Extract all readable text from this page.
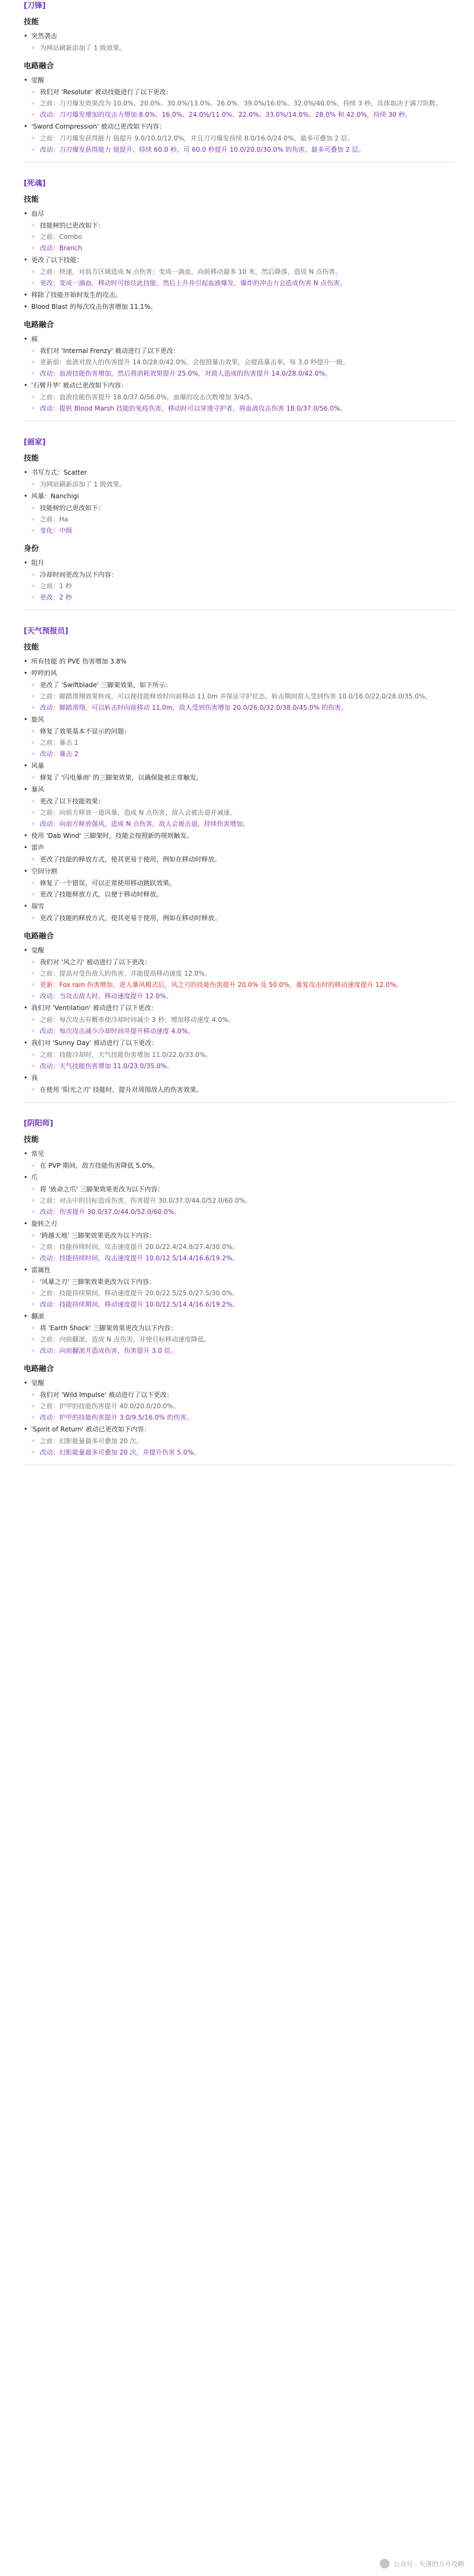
[刀锋]
技能
• 突然袭击
◦ 为网站刷新添加了 1 级效果。
电路融合
• 觉醒
◦ 我们对 'Resolute' 被动技能进行了以下更改：
◦ 之前：刀刃爆发效果改为 10.0%、20.0%、30.0%/13.0%、26.0%、39.0%/16.0%、32.0%/40.0%，持续 3 秒，具体取决于满刀阶数。
◦ 改动：刀刃爆发增加的攻击力增加 8.0%、16.0%、24.0%/11.0%、22.0%、33.0%/14.0%、28.0% 和 42.0%，持续 30 秒。
• 'Sword Compression' 被动已更改如下内容：
◦ 之前：刀刃爆发获得能力 值提升 9.0/10.0/12.0%，并且刀刃爆发持续 8.0/16.0/24.0%，最多可叠加 2 层。
◦ 改动：刀刃爆发获得能力 值提升，持续 60.0 秒，可 60.0 秒提升 10.0/20.0/30.0% 的伤害，最多可叠加 2 层。
[死魂]
技能
• 血尽
◦ 技能树的已更改如下：
◦ 之前：Combo
◦ 改动：Branch
• 更改了以下技能：
◦ 之前：快速，对前方区域造成 N 点伤害；变成一滴血，向前移动最多 10 米，然后降落，造成 N 点伤害。
◦ 更改：变成一滴血，移动时可按住此技能，然后上升并引起血液爆发，爆炸的冲击力会造成伤害 N 点伤害。
• 移除了技能开始时发生的攻击。
• Blood Blast 的每次攻击伤害增加 11.1%。
电路融合
• 疯
◦ 我们对 'Internal Frenzy' 被动进行了以下更改：
◦ 更新前：血液对敌人的伤害提升 14.0/28.0/42.0%，会按照暴击效果，会提高暴击率，每 3.0 秒提升一级。
◦ 改动：血液技能伤害增加，然后将消耗效果提升 25.0%，对敌人造成的伤害提升 14.0/28.0/42.0%。
• '石臂升华' 被动已更改如下内容：
◦ 之前：血液技能伤害提升 18.0/37.0/56.0%，血爆的攻击次数增加 3/4/5。
◦ 改动：提供 Blood Marsh 技能的免疫伤害，移动时可以穿透守护者，将血液攻击伤害 18.0/37.0/56.0%。
[画家]
技能
• 书写方式：Scatter
◦ 为网站刷新添加了 1 级效果。
• 风暴：Nanchigi
◦ 技能树的已更改如下：
◦ 之前：Ha
◦ 变化：中级
身份
• 阻月
◦ 冷却时间更改为以下内容：
◦ 之前：1 秒
◦ 更改：2 秒
[天气预报员]
技能
• 所有技能 的 PVE 伤害增加 3.8%
• 哼哼的风
◦ 更改了 'Swiftblade' 三脚架效果，如下所示：
◦ 之前：脚踏滑翔效果转成，可以使技能释放时向前移动 11.0m 并保证守护状态，斩击期间敌人受到伤害 10.0/16.0/22.0/28.0/35.0%。
◦ 改动：脚踏滑翔，可以斩击时向前移动 11.0m，敌人受到伤害增加 20.0/26.0/32.0/38.0/45.0% 的伤害。
• 旋风
◦ 修复了效果基本不显示的问题：
◦ 之前：暴击 1
◦ 改动：暴击 2
• 风暴
◦ 修复了 '闪电暴雨' 的三脚架效果，以确保能被正常触发。
• 暴风
◦ 更改了以下技能效果：
◦ 之前：向前方释放一道风暴，造成 N 点伤害，敌人会被击退并减速。
◦ 改动：向前方释放强风，造成 N 点伤害，敌人会被击退，持续伤害增加。
• 使用 'Dab Wind' 三脚架时，技能会按照新的规则触发。
• 雷声
◦ 更改了技能的释放方式，使其更易于使用，例如在移动时释放。
• 空间分割
◦ 修复了一个错误，可以正常使用移动跳跃效果。
◦ 更改了技能释放方式，以便于移动时释放。
• 瑞雪
◦ 更改了技能的释放方式，使其更易于使用，例如在移动时释放。
电路融合
• 觉醒
◦ 我们对 '风之刃' 被动进行了以下更改：
◦ 之前：提高对受伤敌人的伤害，并能提高移动速度 12.0%。
◦ 更新：Fox rain 伤害增加，进入暴风模式后，风之刃的技能伤害提升 20.0% 及 50.0%，重复攻击时的移动速度提升 12.0%。
◦ 改动：当攻击敌人时，移动速度提升 12.0%。
• 我们对 'Ventilation' 被动进行了以下更改：
◦ 之前：每次攻击有概率使冷却时间减少 3 秒，增加移动速度 4.0%。
◦ 改动：每次攻击减少冷却时间并提升移动速度 4.0%。
• 我们对 'Sunny Day' 被动进行了以下更改：
◦ 之前：技能冷却时，天气技能伤害增加 11.0/22.0/33.0%。
◦ 改动：天气技能伤害增加 11.0/23.0/35.0%。
• 我
◦ 在使用 '阳光之刃' 技能时，提升对周围敌人的伤害效果。
[阴阳师]
技能
• 常见
◦ 在 PVP 期间，敌方技能伤害降低 5.0%。
• 爪
◦ 将 '致命之爪' 三脚架效果更改为以下内容：
◦ 之前：对击中的目标造成伤害，伤害提升 30.0/37.0/44.0/52.0/60.0%。
◦ 改动：伤害提升 30.0/37.0/44.0/52.0/60.0%。
• 旋转之刃
◦ '跨越天地' 三脚架效果更改为以下内容：
◦ 之前：技能持续时间，攻击速度提升 20.0/22.4/24.8/27.4/30.0%。
◦ 改动：技能持续时间，攻击速度提升 10.0/12.5/14.4/16.6/19.2%。
• 雷属性
◦ '风暴之刃' 三脚架效果更改为以下内容：
◦ 之前：技能持续期间，移动速度提升 20.0/22.5/25.0/27.5/30.0%。
◦ 改动：技能持续期间，移动速度提升 10.0/12.5/14.4/16.6/19.2%。
• 翻滚
◦ 将 'Earth Shock' 三脚架效果更改为以下内容：
◦ 之前：向前翻滚，造成 N 点伤害，并使目标移动速度降低。
◦ 改动：向前翻滚并造成伤害，伤害提升 3.0 倍。
电路融合
• 觉醒
◦ 我们对 'Wild Impulse' 被动进行了以下更改：
◦ 之前：护甲的技能伤害提升 40.0/20.0/20.0%。
◦ 改动：护甲的技能伤害提升 3.0/9.5/16.0% 的伤害。
• 'Spirit of Return' 被动已更改如下内容：
◦ 之前：幻影能量最多可叠加 20 次。
◦ 改动：幻影能量最多可叠加 20 次，并提升伤害 5.0%。
公众号 · 失落的方舟攻略
